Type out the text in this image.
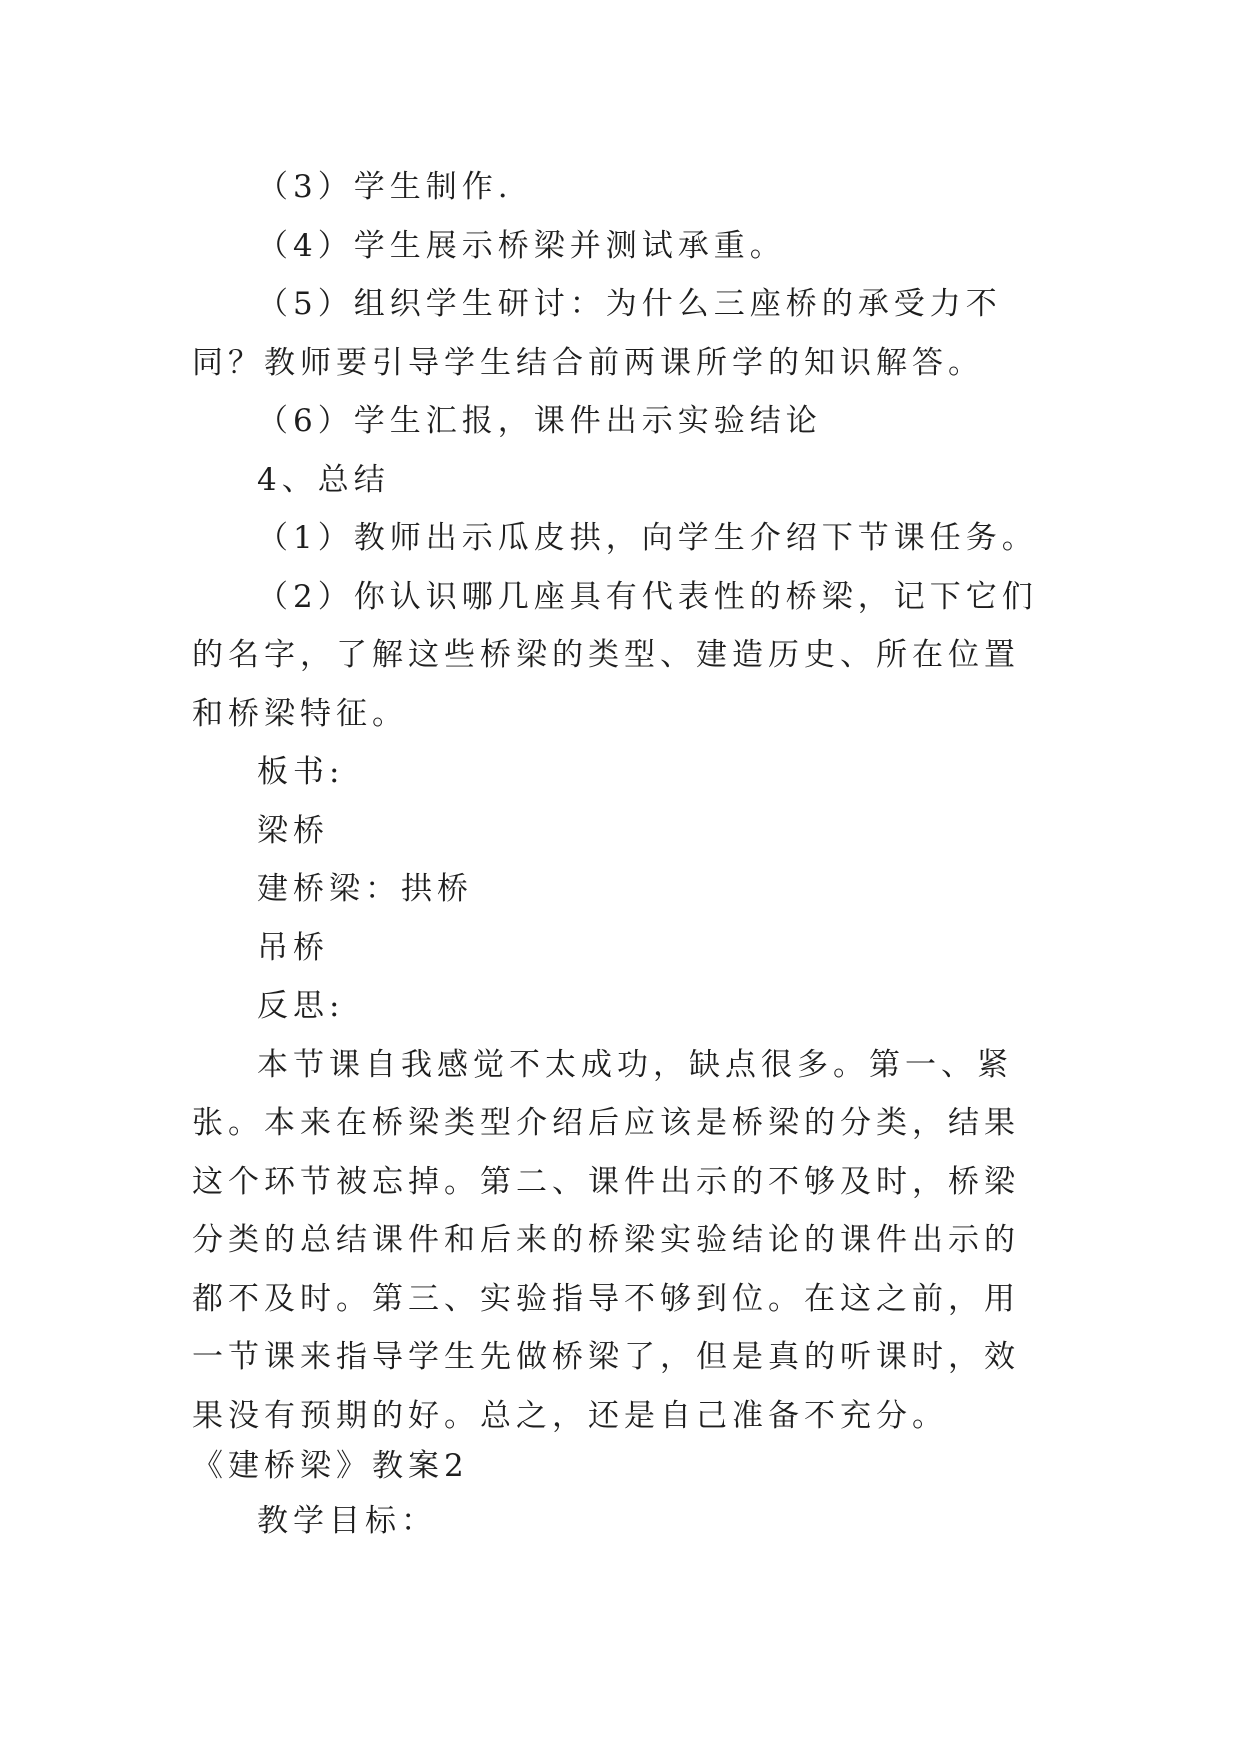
（3）学生制作.

（4）学生展示桥梁并测试承重。

（5）组织学生研讨：为什么三座桥的承受力不同？教师要引导学生结合前两课所学的知识解答。

（6）学生汇报，课件出示实验结论

4、总结

（1）教师出示瓜皮拱，向学生介绍下节课任务。

（2）你认识哪几座具有代表性的桥梁，记下它们的名字，了解这些桥梁的类型、建造历史、所在位置和桥梁特征。

板书:

梁桥

建桥梁：拱桥

吊桥

反思:

本节课自我感觉不太成功，缺点很多。第一、紧张。本来在桥梁类型介绍后应该是桥梁的分类，结果这个环节被忘掉。第二、课件出示的不够及时，桥梁分类的总结课件和后来的桥梁实验结论的课件出示的都不及时。第三、实验指导不够到位。在这之前，用一节课来指导学生先做桥梁了，但是真的听课时，效果没有预期的好。总之，还是自己准备不充分。

《建桥梁》教案2

教学目标：
